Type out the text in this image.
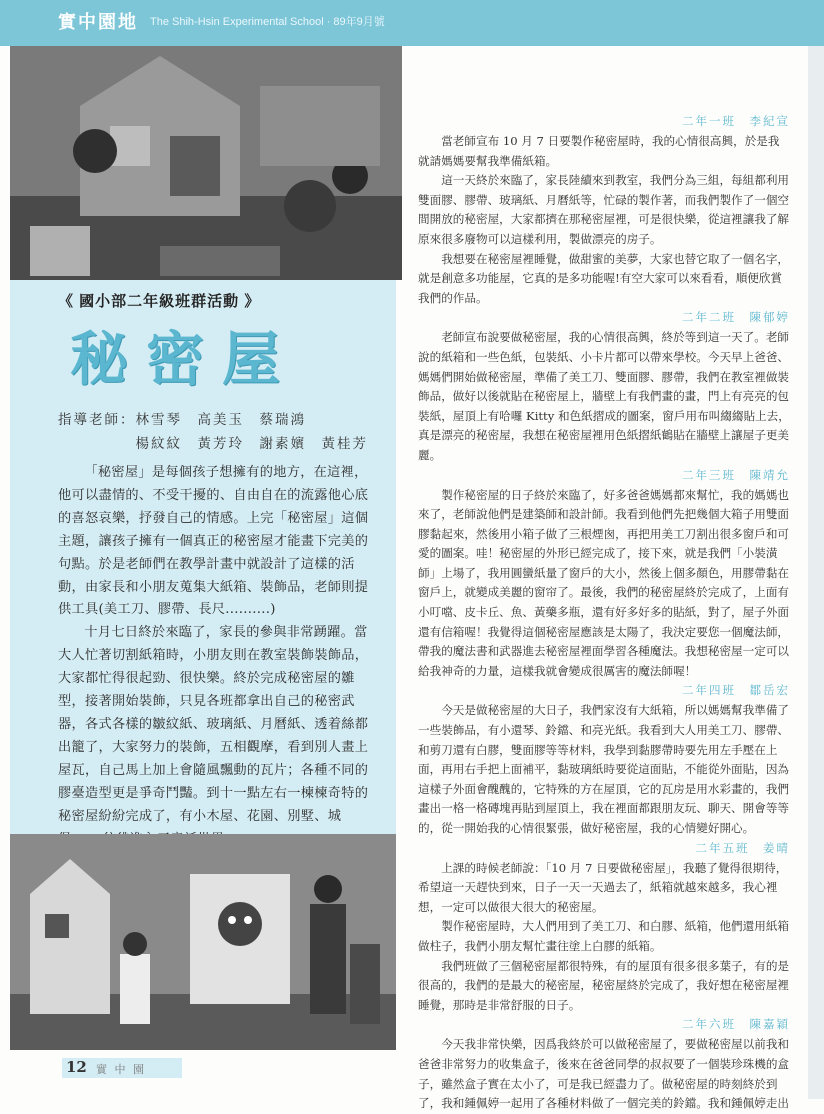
實中園地 The Shih-Hsin Experimental School · 89年9月號
《 國小部二年級班群活動 》
秘密屋
指導老師：林雪琴　高美玉　蔡瑞鴻
　　　　　楊紋紋　黃芳玲　謝素嬪　黃桂芳

「秘密屋」是每個孩子想擁有的地方，在這裡，他可以盡情的、不受干擾的、自由自在的流露他心底的喜怒哀樂，抒發自己的情感。上完「秘密屋」這個主題，讓孩子擁有一個真正的秘密屋才能畫下完美的句點。於是老師們在教學計畫中就設計了這樣的活動，由家長和小朋友蒐集大紙箱、裝飾品，老師則提供工具(美工刀、膠帶、長尺..........)

十月七日終於來臨了，家長的參與非常踴躍。當大人忙著切割紙箱時，小朋友則在教室裝飾裝飾品，大家都忙得很起勁、很快樂。終於完成秘密屋的雛型，接著開始裝飾，只見各班都拿出自己的秘密武器，各式各樣的皺紋紙、玻璃紙、月曆紙、透着絲都出籠了，大家努力的裝飾，五相觀摩，看到別人畫上屋瓦，自己馬上加上會隨風飄動的瓦片；各種不同的膠臺造型更是爭奇鬥豔。到十一點左右一楝楝奇特的秘密屋紛紛完成了，有小木屋、花園、別墅、城

12 實 中 園
二年一班　李紀宣

當老師宣布 10 月 7 日要製作秘密屋時，我的心情很高興，於是我就請媽媽要幫我準備紙箱。

這一天終於來臨了，家長陸續來到教室，我們分為三組，每組都利用雙面膠、膠帶、玻璃紙、月曆紙等，忙碌的製作著，而我們製作了一個空間開放的秘密屋，大家都擠在那秘密屋裡，可是很快樂，從這裡讓我了解原來很多廢物可以這樣利用，製做漂亮的房子。

我想要在秘密屋裡睡覺，做甜蜜的美夢，大家也替它取了一個名字，就是創意多功能屋，它真的是多功能喔!有空大家可以來看看，順便欣賞我們的作品。

二年二班　陳郁婷

老師宣布說要做秘密屋，我的心情很高興，終於等到這一天了。老師說的紙箱和一些色紙，包裝紙、小卡片都可以帶來學校。今天早上爸爸、媽媽們開始做秘密屋，準備了美工刀、雙面膠、膠帶，我們在教室裡做裝飾品，做好以後就貼在秘密屋上，牆壁上有我們畫的畫，門上有亮亮的包裝紙，屋頂上有哈囉 Kitty 和色紙摺成的圖案，窗戶用布叫縐縐貼上去，真是漂亮的秘密屋，我想在秘密屋裡用色紙摺紙鶴貼在牆壁上讓屋子更美麗。

二年三班　陳靖允

製作秘密屋的日子終於來臨了，好多爸爸媽媽都來幫忙，我的媽媽也來了，老師說他們是建築師和設計師。我看到他們先把幾個大箱子用雙面膠黏起來，然後用小箱子做了三根煙囪，再把用美工刀割出很多窗戶和可愛的圖案。哇！秘密屋的外形已經完成了，接下來，就是我們「小裝潢師」上場了，我用圓蠻紙量了窗戶的大小，然後上個多顏色，用膠帶黏在窗戶上，就變成美麗的窗帘了。最後，我們的秘密屋終於完成了，上面有小叮噹、皮卡丘、魚、黃藥多瓶，還有好多好多的貼紙，對了，屋子外面還有信箱喔！我覺得這個秘密屋應該是太陽了，我決定要您一個魔法師，帶我的魔法書和武器進去秘密屋裡面學習各種魔法。我想秘密屋一定可以給我神奇的力量，這樣我就會變成很厲害的魔法師喔！

二年四班　鄒岳宏

今天是做秘密屋的大日子，我們家沒有大紙箱，所以媽媽幫我準備了一些裝飾品，有小還琴、鈴鐺、和亮光紙。我看到大人用美工刀、膠帶、和剪刀還有白膠，雙面膠等等材料，我學到黏膠帶時要先用左手壓在上面，再用右手把上面補平，黏玻璃紙時要從這面貼，不能從外面貼，因為這樣子外面會醜醜的，它特殊的方在屋頂，它的瓦房是用水彩畫的，我們畫出一格一格磚塊再貼到屋頂上，我在裡面都跟朋友玩、聊天、開會等等的，從一開始我的心情很緊張，做好秘密屋，我的心情變好開心。

二年五班　姜晴

上課的時候老師說：「10 月 7 日要做秘密屋」，我聽了覺得很期待，希望這一天趕快到來，日子一天一天過去了，紙箱就越來越多，我心裡想，一定可以做很大很大的秘密屋。

製作秘密屋時，大人們用到了美工刀、和白膠、紙箱，他們還用紙箱做柱子，我們小朋友幫忙畫往塗上白膠的紙箱。

我們班做了三個秘密屋都很特殊，有的屋頂有很多很多葉子，有的是很高的，我們的是最大的秘密屋，秘密屋終於完成了，我好想在秘密屋裡睡覺，那時是非常舒服的日子。

二年六班　陳嘉穎

今天我非常快樂，因爲我終於可以做秘密屋了，要做秘密屋以前我和爸爸非常努力的收集盒子，後來在爸爸同學的叔叔要了一個裝珍珠機的盒子，雖然盒子實在太小了，可是我已經盡力了。做秘密屋的時刻終於到了，我和鍾佩婷一起用了各種材料做了一個完美的鈴鐺。我和鍾佩婷走出
